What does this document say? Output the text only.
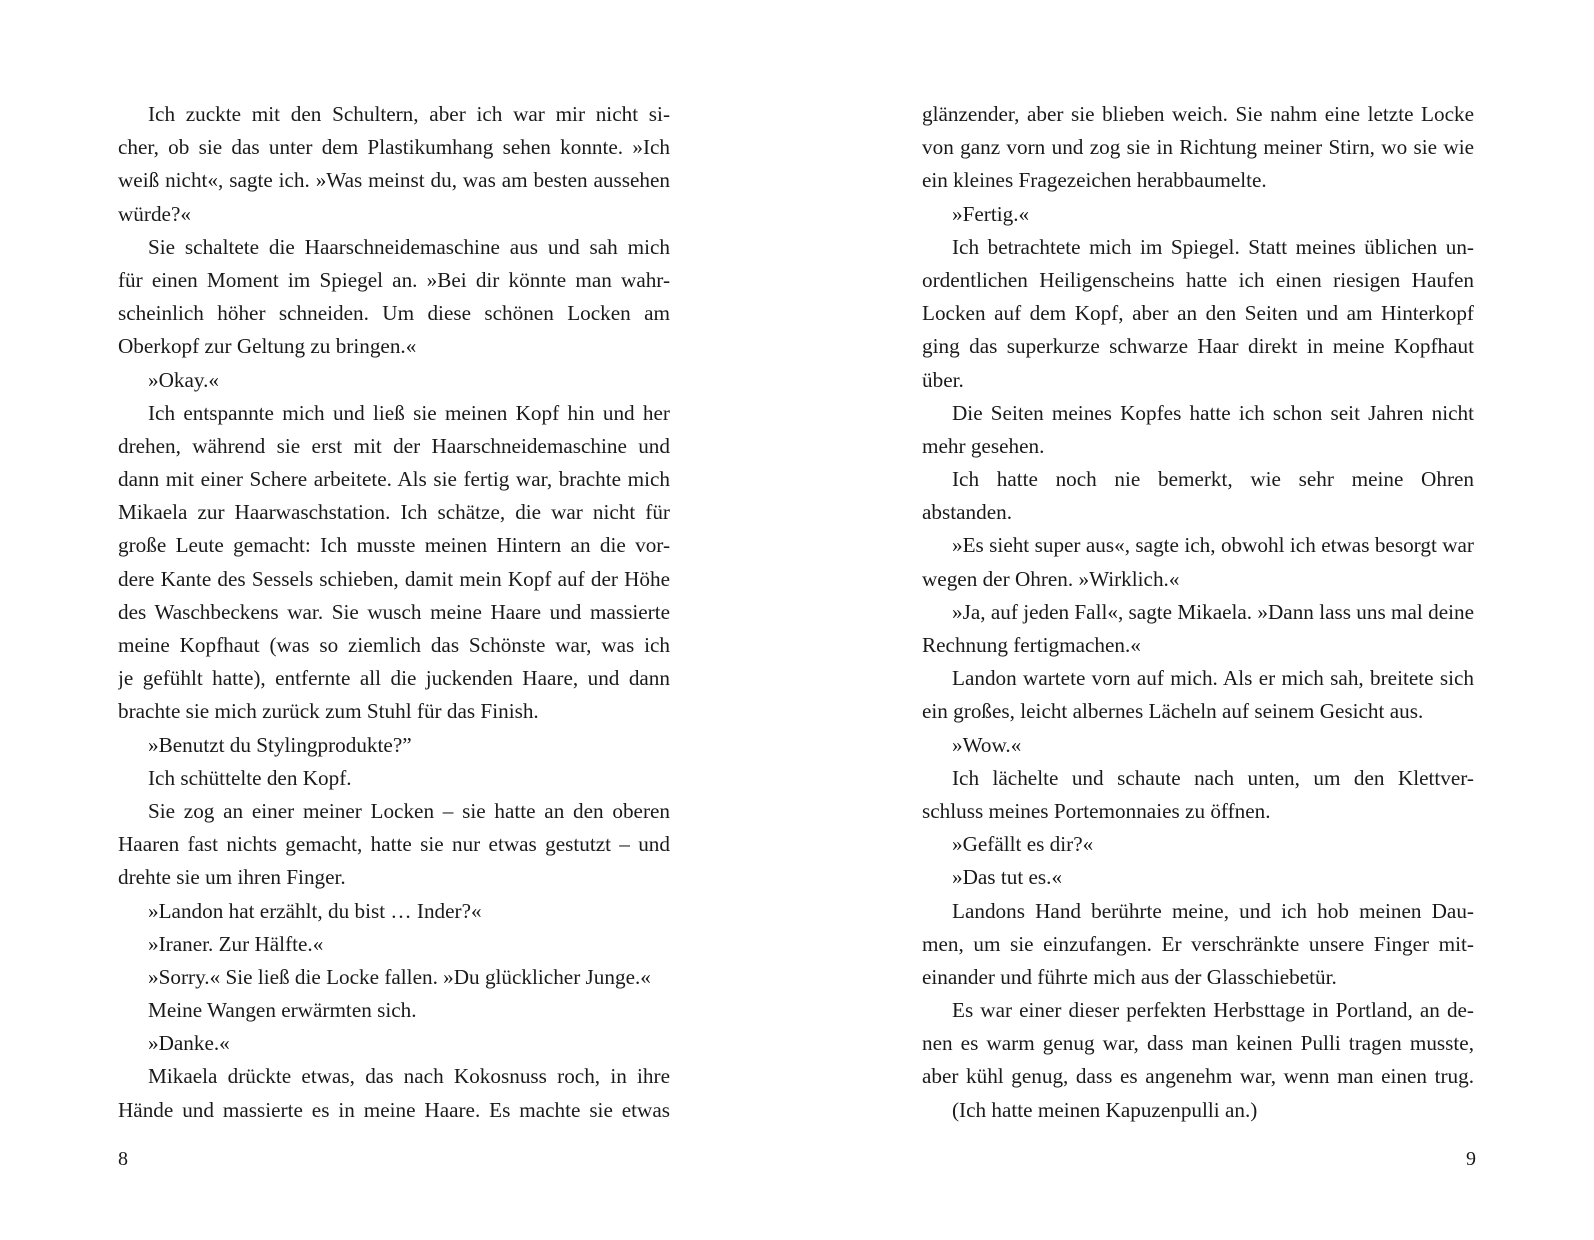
Ich zuckte mit den Schultern, aber ich war mir nicht si-
cher, ob sie das unter dem Plastikumhang sehen konnte. »Ich
weiß nicht«, sagte ich. »Was meinst du, was am besten aussehen
würde?«
Sie schaltete die Haarschneidemaschine aus und sah mich
für einen Moment im Spiegel an. »Bei dir könnte man wahr-
scheinlich höher schneiden. Um diese schönen Locken am
Oberkopf zur Geltung zu bringen.«
»Okay.«
Ich entspannte mich und ließ sie meinen Kopf hin und her
drehen, während sie erst mit der Haarschneidemaschine und
dann mit einer Schere arbeitete. Als sie fertig war, brachte mich
Mikaela zur Haarwaschstation. Ich schätze, die war nicht für
große Leute gemacht: Ich musste meinen Hintern an die vor-
dere Kante des Sessels schieben, damit mein Kopf auf der Höhe
des Waschbeckens war. Sie wusch meine Haare und massierte
meine Kopfhaut (was so ziemlich das Schönste war, was ich
je gefühlt hatte), entfernte all die juckenden Haare, und dann
brachte sie mich zurück zum Stuhl für das Finish.
»Benutzt du Stylingprodukte?”
Ich schüttelte den Kopf.
Sie zog an einer meiner Locken – sie hatte an den oberen
Haaren fast nichts gemacht, hatte sie nur etwas gestutzt – und
drehte sie um ihren Finger.
»Landon hat erzählt, du bist … Inder?«
»Iraner. Zur Hälfte.«
»Sorry.« Sie ließ die Locke fallen. »Du glücklicher Junge.«
Meine Wangen erwärmten sich.
»Danke.«
Mikaela drückte etwas, das nach Kokosnuss roch, in ihre
Hände und massierte es in meine Haare. Es machte sie etwas
8
glänzender, aber sie blieben weich. Sie nahm eine letzte Locke
von ganz vorn und zog sie in Richtung meiner Stirn, wo sie wie
ein kleines Fragezeichen herabbaumelte.
»Fertig.«
Ich betrachtete mich im Spiegel. Statt meines üblichen un-
ordentlichen Heiligenscheins hatte ich einen riesigen Haufen
Locken auf dem Kopf, aber an den Seiten und am Hinterkopf
ging das superkurze schwarze Haar direkt in meine Kopfhaut
über.
Die Seiten meines Kopfes hatte ich schon seit Jahren nicht
mehr gesehen.
Ich hatte noch nie bemerkt, wie sehr meine Ohren
abstanden.
»Es sieht super aus«, sagte ich, obwohl ich etwas besorgt war
wegen der Ohren. »Wirklich.«
»Ja, auf jeden Fall«, sagte Mikaela. »Dann lass uns mal deine
Rechnung fertigmachen.«
Landon wartete vorn auf mich. Als er mich sah, breitete sich
ein großes, leicht albernes Lächeln auf seinem Gesicht aus.
»Wow.«
Ich lächelte und schaute nach unten, um den Klettver-
schluss meines Portemonnaies zu öffnen.
»Gefällt es dir?«
»Das tut es.«
Landons Hand berührte meine, und ich hob meinen Dau-
men, um sie einzufangen. Er verschränkte unsere Finger mit-
einander und führte mich aus der Glasschiebetür.
Es war einer dieser perfekten Herbsttage in Portland, an de-
nen es warm genug war, dass man keinen Pulli tragen musste,
aber kühl genug, dass es angenehm war, wenn man einen trug.
(Ich hatte meinen Kapuzenpulli an.)
9
